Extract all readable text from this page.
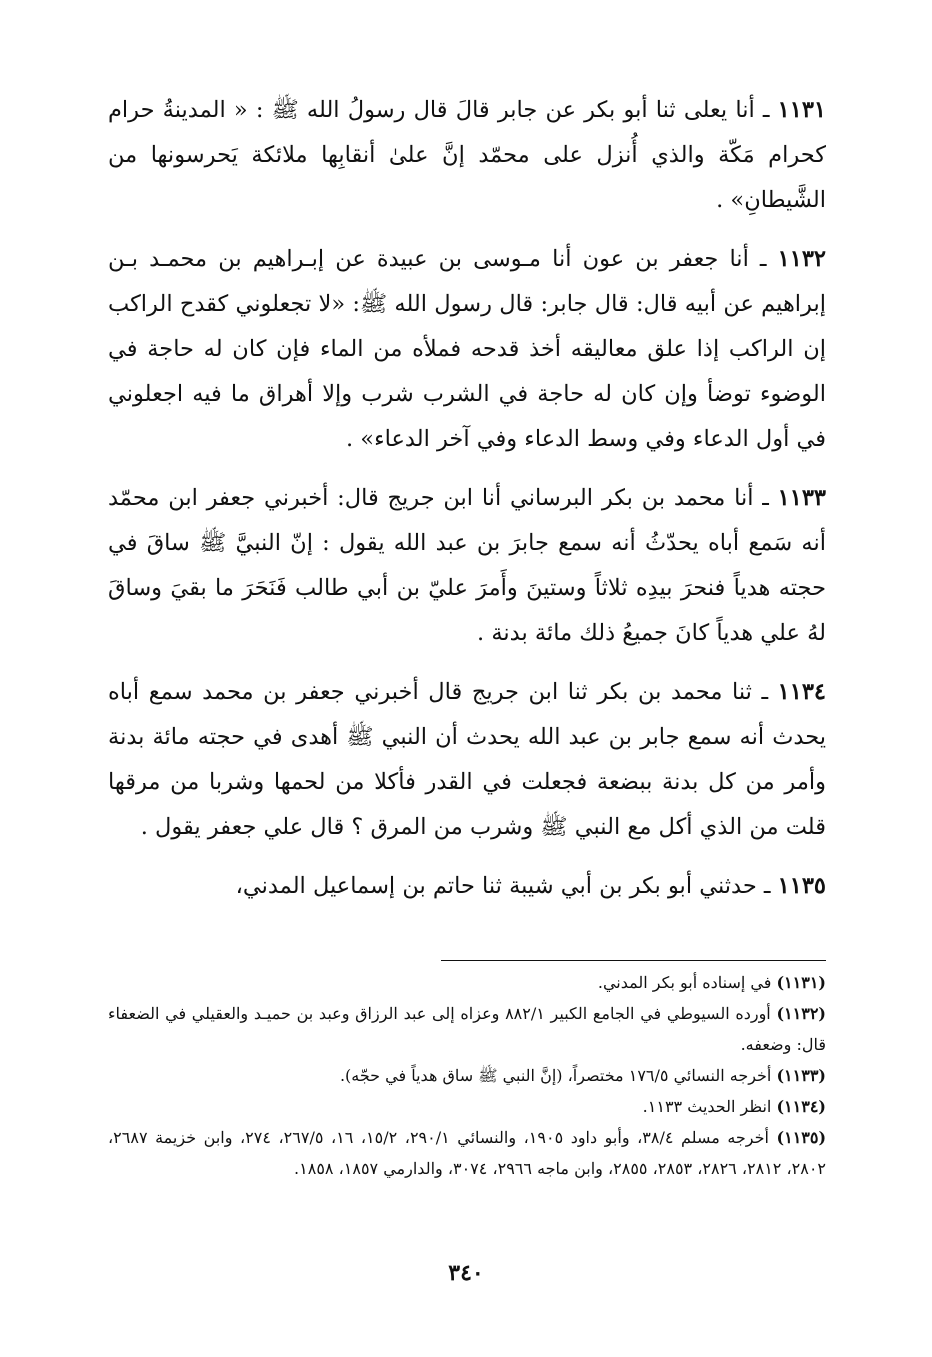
١١٣١ ـ أنا يعلى ثنا أبو بكر عن جابر قالَ قال رسولُ الله ﷺ : « المدينةُ حرام كحرام مَكّة والذي أُنزل على محمّد إنَّ علىٰ أنقابِها ملائكة يَحرسونها من الشَّيطانِ» .

١١٣٢ ـ أنا جعفر بن عون أنا مـوسى بن عبيدة عن إبـراهيم بن محمـد بـن إبراهيم عن أبيه قال: قال جابر: قال رسول الله ﷺ: «لا تجعلوني كقدح الراكب إن الراكب إذا علق معاليقه أخذ قدحه فملأه من الماء فإن كان له حاجة في الوضوء توضأ وإن كان له حاجة في الشرب شرب وإلا أهراق ما فيه اجعلوني في أول الدعاء وفي وسط الدعاء وفي آخر الدعاء» .

١١٣٣ ـ أنا محمد بن بكر البرساني أنا ابن جريج قال: أخبرني جعفر ابن محمّد أنه سَمع أباه يحدّثُ أنه سمع جابرَ بن عبد الله يقول : إنّ النبيَّ ﷺ ساقَ في حجته هدياً فنحرَ بيدِه ثلاثاً وستينَ وأَمرَ عليّ بن أبي طالب فَنَحَرَ ما بقيَ وساقَ لهُ علي هدياً كانَ جميعُ ذلك مائة بدنة .

١١٣٤ ـ ثنا محمد بن بكر ثنا ابن جريج قال أخبرني جعفر بن محمد سمع أباه يحدث أنه سمع جابر بن عبد الله يحدث أن النبي ﷺ أهدى في حجته مائة بدنة وأمر من كل بدنة ببضعة فجعلت في القدر فأكلا من لحمها وشربا من مرقها قلت من الذي أكل مع النبي ﷺ وشرب من المرق ؟ قال علي جعفر يقول .

١١٣٥ ـ حدثني أبو بكر بن أبي شيبة ثنا حاتم بن إسماعيل المدني،

(١١٣١) في إسناده أبو بكر المدني.

(١١٣٢) أورده السيوطي في الجامع الكبير ٨٨٢/١ وعزاه إلى عبد الرزاق وعبد بن حميـد والعقيلي في الضعفاء قال: وضعفه.

(١١٣٣) أخرجه النسائي ١٧٦/٥ مختصراً، (إنَّ النبي ﷺ ساق هدياً في حجّه).

(١١٣٤) انظر الحديث ١١٣٣.

(١١٣٥) أخرجه مسلم ٣٨/٤، وأبو داود ١٩٠٥، والنسائي ٢٩٠/١، ١٥/٢، ١٦، ٢٦٧/٥، ٢٧٤، وابن خزيمة ٢٦٨٧، ٢٨٠٢، ٢٨١٢، ٢٨٢٦، ٢٨٥٣، ٢٨٥٥، وابن ماجه ٢٩٦٦، ٣٠٧٤، والدارمي ١٨٥٧، ١٨٥٨.

٣٤٠
